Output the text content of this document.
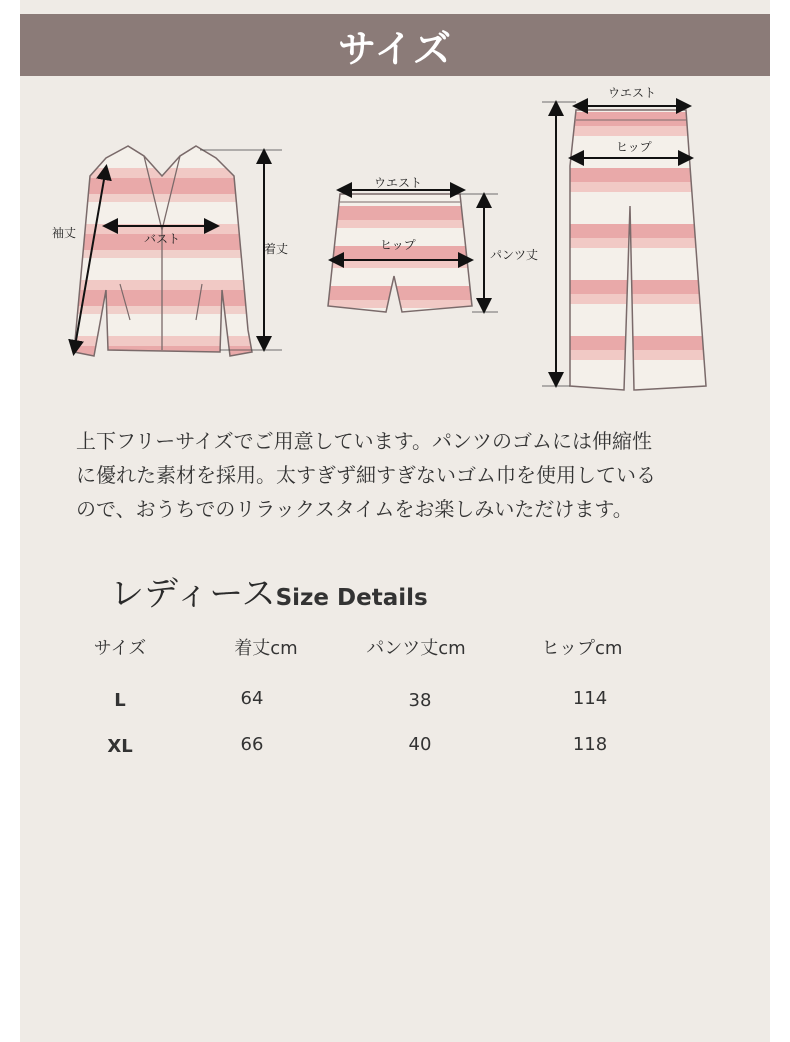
サイズ
袖丈	バスト
着丈
ウエスト
ヒップ
パンツ丈
ウエスト
ヒップ

上下フリーサイズでご用意しています。パンツのゴムには伸縮性

に優れた素材を採用。太すぎず細すぎないゴム巾を使用している

ので、おうちでのリラックスタイムをお楽しみいただけます。

レディースSize Details
サイズ	着丈cm	パンツ丈cm	ヒップcm
L	64	38	114
XL	66	40	118
